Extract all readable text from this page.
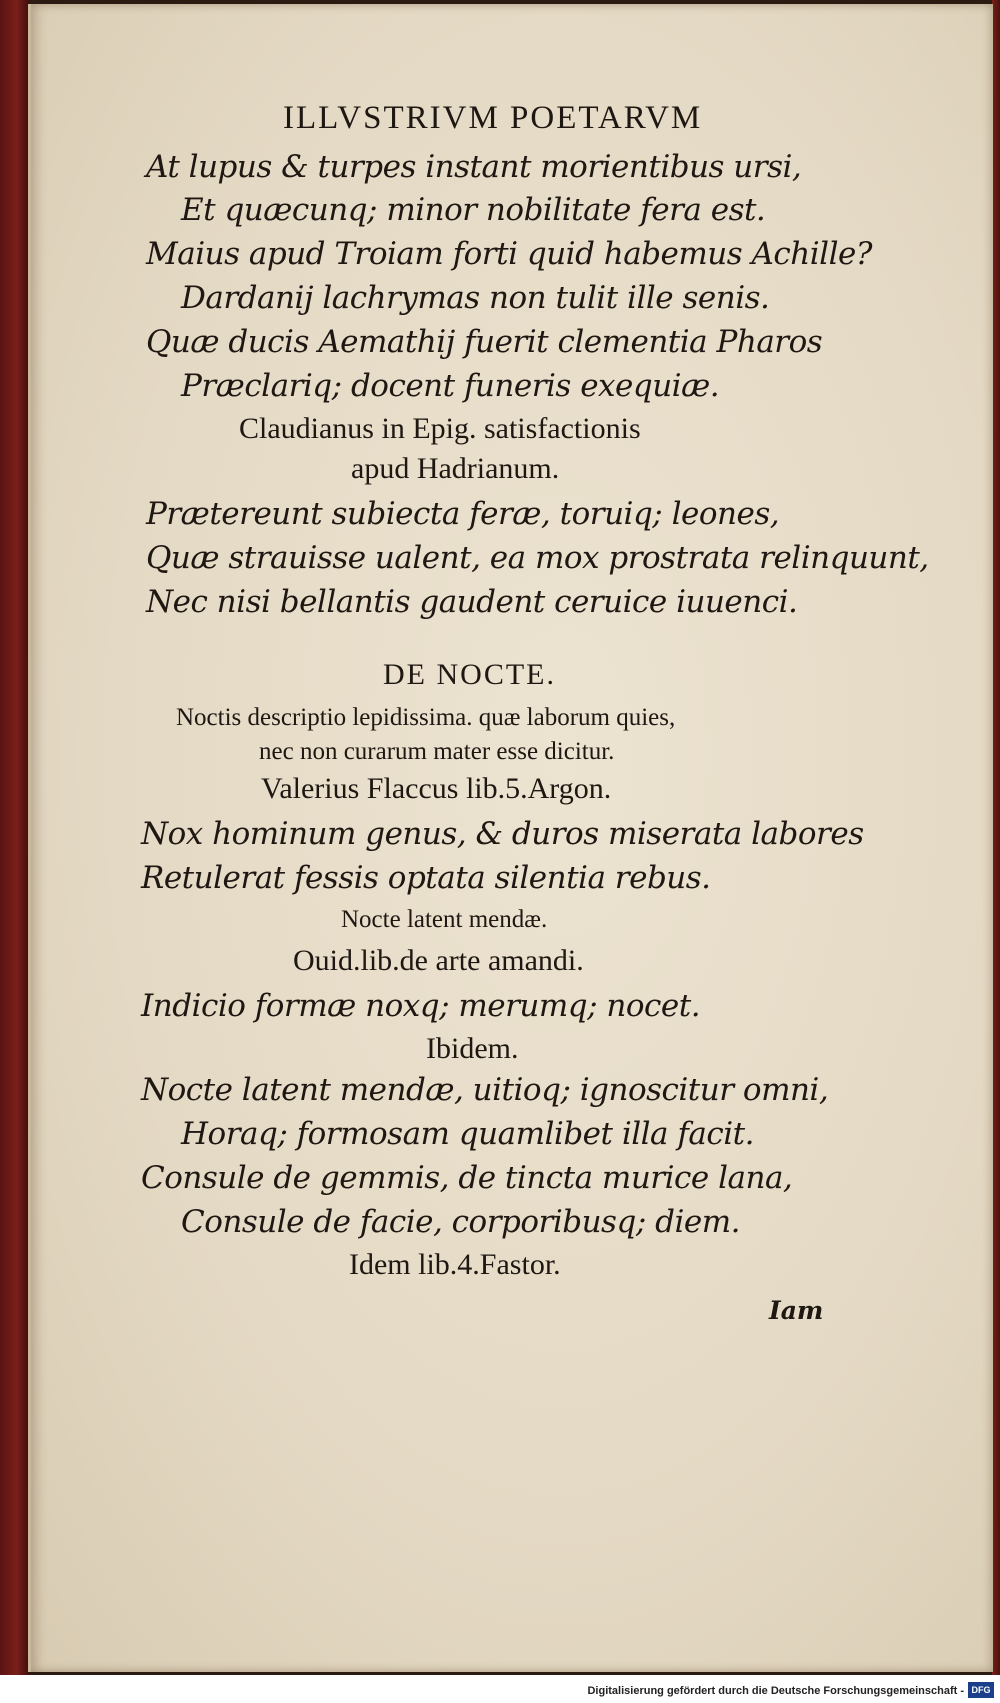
ILLVSTRIVM POETARVM
At lupus & turpes instant morientibus ursi,
Et quæcunq; minor nobilitate fera est.
Maius apud Troiam forti quid habemus Achille?
Dardanij lachrymas non tulit ille senis.
Quæ ducis Aemathij fuerit clementia Pharos
Præclariq; docent funeris exequiæ.
Claudianus in Epig. satisfactionis
apud Hadrianum.
Prætereunt subiecta feræ, toruiq; leones,
Quæ strauisse ualent, ea mox prostrata relinquunt,
Nec nisi bellantis gaudent ceruice iuuenci.
DE NOCTE.
Noctis descriptio lepidissima. quæ laborum quies,
nec non curarum mater esse dicitur.
Valerius Flaccus lib.5.Argon.
Nox hominum genus, & duros miserata labores
Retulerat fessis optata silentia rebus.
Nocte latent mendæ.
Ouid.lib.de arte amandi.
Indicio formæ noxq; merumq; nocet.
Ibidem.
Nocte latent mendæ, uitioq; ignoscitur omni,
Horaq; formosam quamlibet illa facit.
Consule de gemmis, de tincta murice lana,
Consule de facie, corporibusq; diem.
Idem lib.4.Fastor.
Iam
Digitalisierung gefördert durch die Deutsche Forschungsgemeinschaft - DFG
